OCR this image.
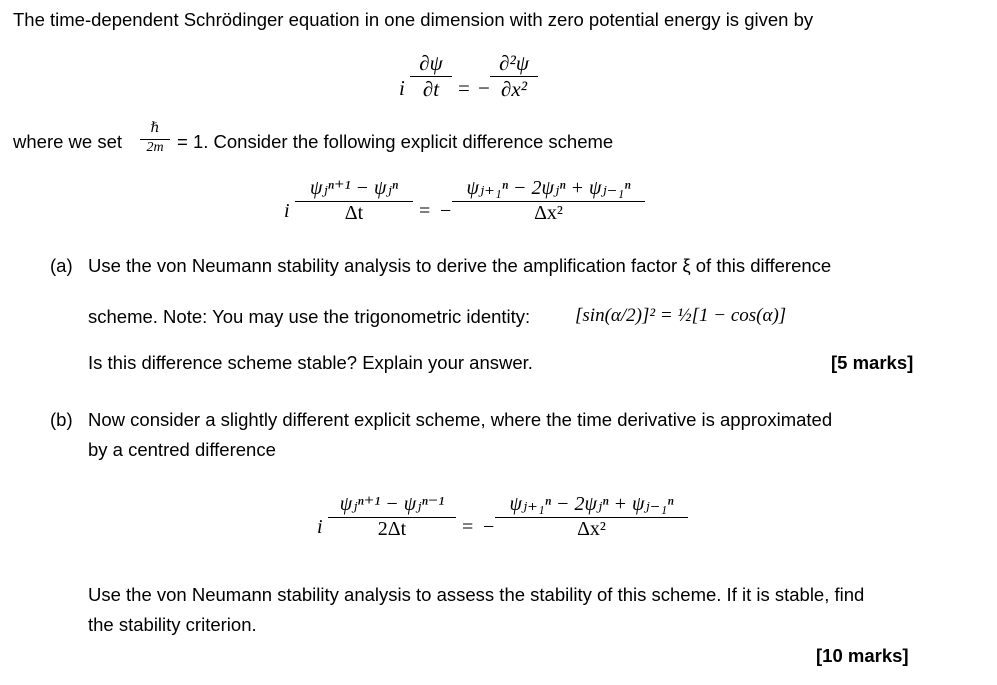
The time-dependent Schrödinger equation in one dimension with zero potential energy is given by
i
∂ψ
∂t = −
∂²ψ
∂x²
where we set
ℏ
2m = 1. Consider the following explicit difference scheme
i
ψⱼⁿ⁺¹ − ψⱼⁿ
Δt	= −
ψⱼ₊₁ⁿ − 2ψⱼⁿ + ψⱼ₋₁ⁿ
Δx²
(a) Use the von Neumann stability analysis to derive the amplification factor ξ of this difference
scheme. Note: You may use the trigonometric identity: [sin(α/2)]² = ½[1 − cos(α)]
Is this difference scheme stable? Explain your answer.	[5 marks]
(b) Now consider a slightly different explicit scheme, where the time derivative is approximated
by a centred difference
i
ψⱼⁿ⁺¹ − ψⱼⁿ⁻¹
2Δt	= −
ψⱼ₊₁ⁿ − 2ψⱼⁿ + ψⱼ₋₁ⁿ
Δx²
Use the von Neumann stability analysis to assess the stability of this scheme. If it is stable, find
the stability criterion.
[10 marks]
